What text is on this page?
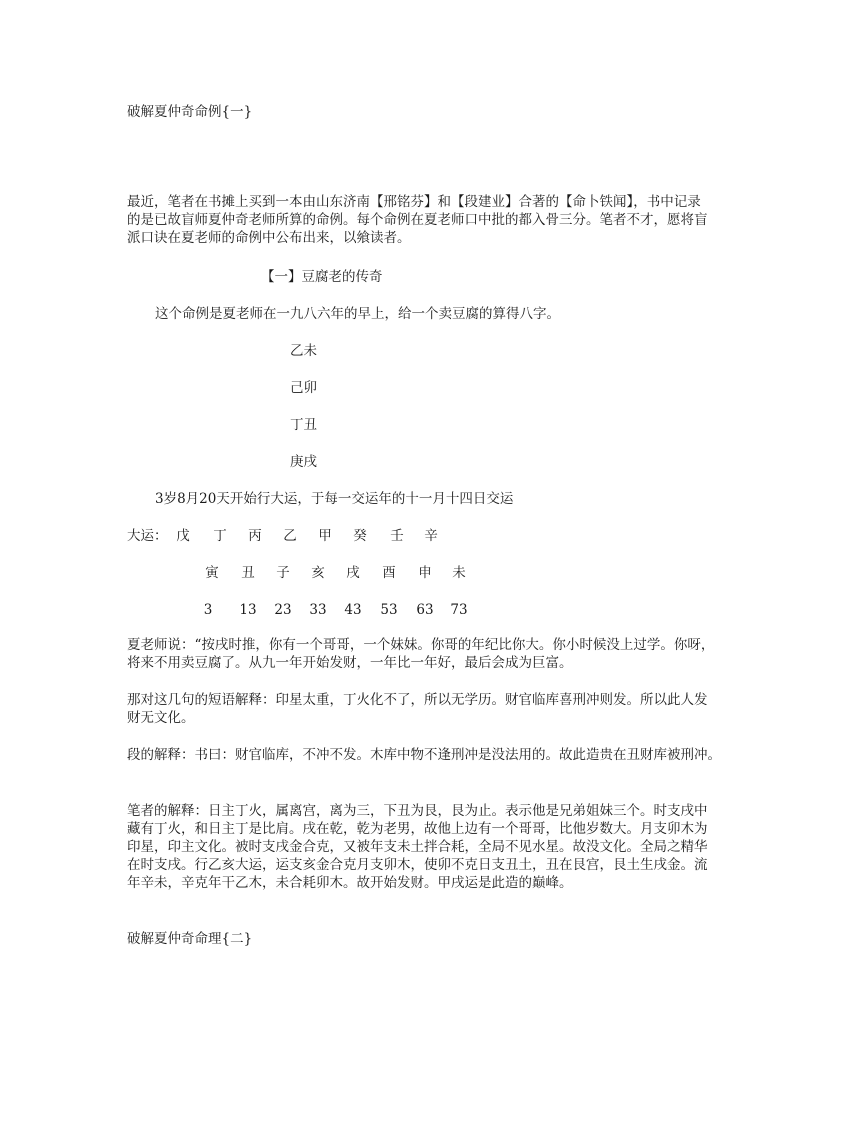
破解夏仲奇命例{一}
最近，笔者在书摊上买到一本由山东济南【邢铭芬】和【段建业】合著的【命卜铁闻】，书中记录
的是已故盲师夏仲奇老师所算的命例。每个命例在夏老师口中批的都入骨三分。笔者不才，愿将盲
派口诀在夏老师的命例中公布出来，以飨读者。
【一】豆腐老的传奇
这个命例是夏老师在一九八六年的早上，给一个卖豆腐的算得八字。
乙未
己卯
丁丑
庚戌
3岁8月20天开始行大运，于每一交运年的十一月十四日交运
大运： 戊	丁	丙	乙	甲	癸	壬	辛
寅	丑	子	亥	戌	酉	申	未
3	13 23 33 43 53 63 73
夏老师说：“按戌时推，你有一个哥哥，一个妹妹。你哥的年纪比你大。你小时候没上过学。你呀，
将来不用卖豆腐了。从九一年开始发财，一年比一年好，最后会成为巨富。
那对这几句的短语解释：印星太重，丁火化不了，所以无学历。财官临库喜刑冲则发。所以此人发
财无文化。
段的解释：书曰：财官临库，不冲不发。木库中物不逢刑冲是没法用的。故此造贵在丑财库被刑冲。
笔者的解释：日主丁火，属离宫，离为三，下丑为艮，艮为止。表示他是兄弟姐妹三个。时支戌中
藏有丁火，和日主丁是比肩。戌在乾，乾为老男，故他上边有一个哥哥，比他岁数大。月支卯木为
印星，印主文化。被时支戌金合克，又被年支未土拌合耗，全局不见水星。故没文化。全局之精华
在时支戌。行乙亥大运，运支亥金合克月支卯木，使卯不克日支丑土，丑在艮宫，艮土生戌金。流
年辛未，辛克年干乙木，未合耗卯木。故开始发财。甲戌运是此造的巅峰。
破解夏仲奇命理{二}
